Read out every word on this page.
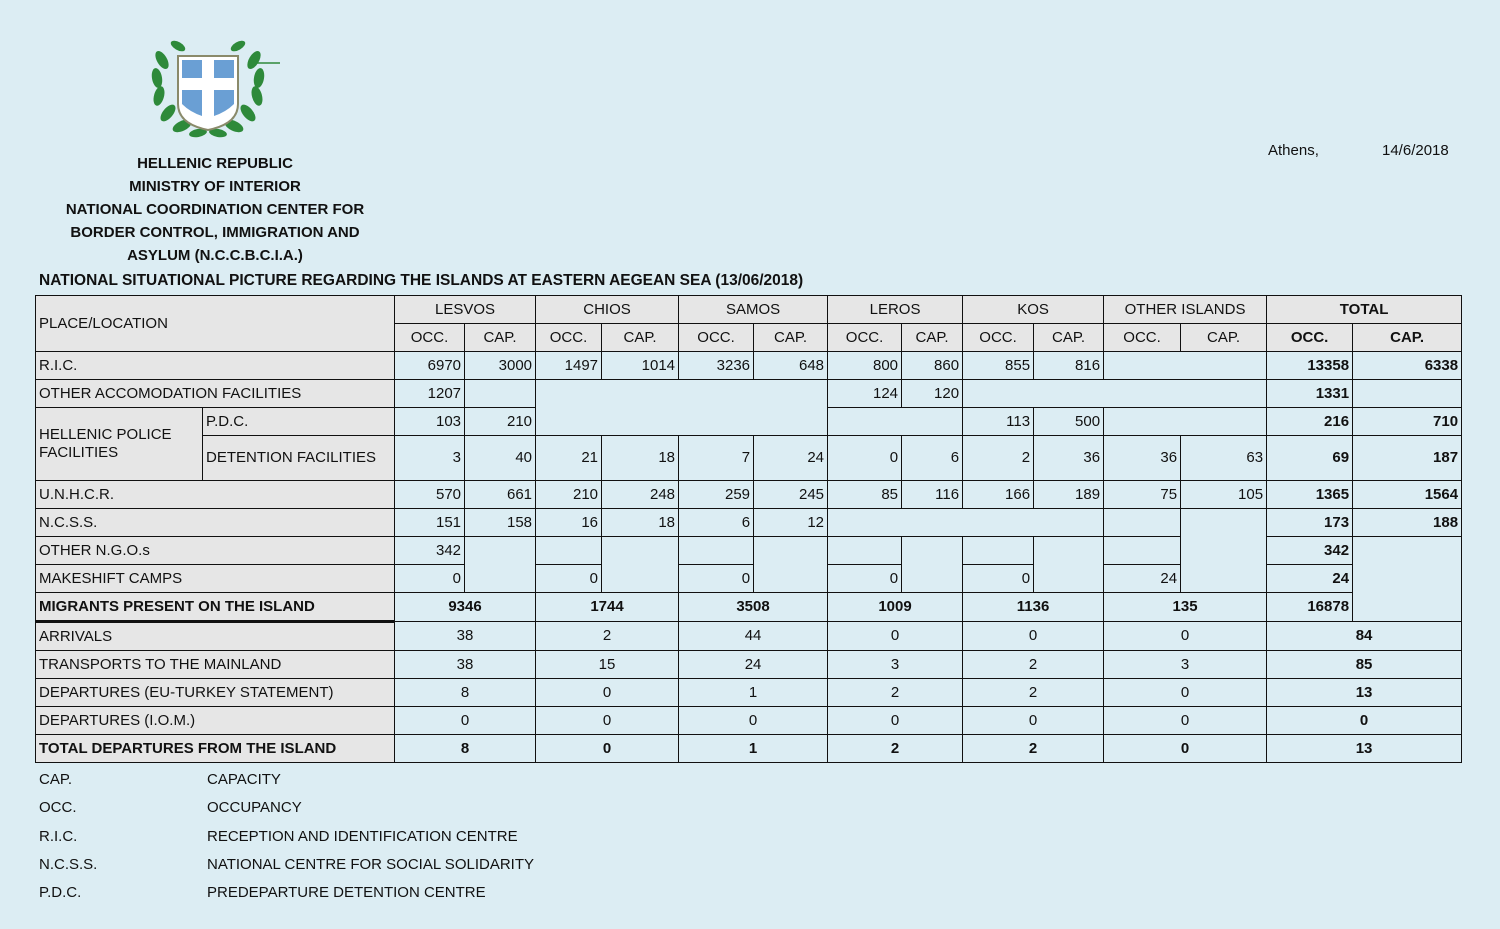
HELLENIC REPUBLIC
MINISTRY OF INTERIOR
NATIONAL COORDINATION CENTER FOR
BORDER CONTROL, IMMIGRATION AND
ASYLUM (N.C.C.B.C.I.A.)
Athens,	14/6/2018
NATIONAL SITUATIONAL PICTURE REGARDING THE ISLANDS AT EASTERN AEGEAN SEA (13/06/2018)
PLACE/LOCATION		LESVOS		CHIOS		SAMOS		LEROS		KOS		OTHER ISLANDS		TOTAL	
		OCC.	CAP.	OCC.	CAP.	OCC.	CAP.	OCC.	CAP.	OCC.	CAP.	OCC.	CAP.	OCC.	CAP.
R.I.C.		6970	3000	1497	1014	3236	648	800	860	855	816			13358	6338
OTHER ACCOMODATION FACILITIES		1207						124	120					1331	
HELLENIC POLICE FACILITIES	P.D.C.	103	210							113	500			216	710
	DETENTION FACILITIES	3	40	21	18	7	24	0	6	2	36	36	63	69	187
U.N.H.C.R.		570	661	210	248	259	245	85	116	166	189	75	105	1365	1564
N.C.S.S.		151	158	16	18	6	12							173	188
OTHER N.G.O.s		342												342	
MAKESHIFT CAMPS		0		0		0		0		0		24		24	
MIGRANTS PRESENT ON THE ISLAND		9346		1744		3508		1009		1136		135		16878	
ARRIVALS		38		2		44		0		0		0		84	
TRANSPORTS TO THE MAINLAND		38		15		24		3		2		3		85	
DEPARTURES (EU-TURKEY STATEMENT)		8		0		1		2		2		0		13	
DEPARTURES (I.O.M.)		0		0		0		0		0		0		0	
TOTAL DEPARTURES FROM THE ISLAND		8		0		1		2		2		0		13	
CAP.	CAPACITY
OCC.	OCCUPANCY
R.I.C.	RECEPTION AND IDENTIFICATION CENTRE
N.C.S.S.	NATIONAL CENTRE FOR SOCIAL SOLIDARITY
P.D.C.	PREDEPARTURE DETENTION CENTRE
